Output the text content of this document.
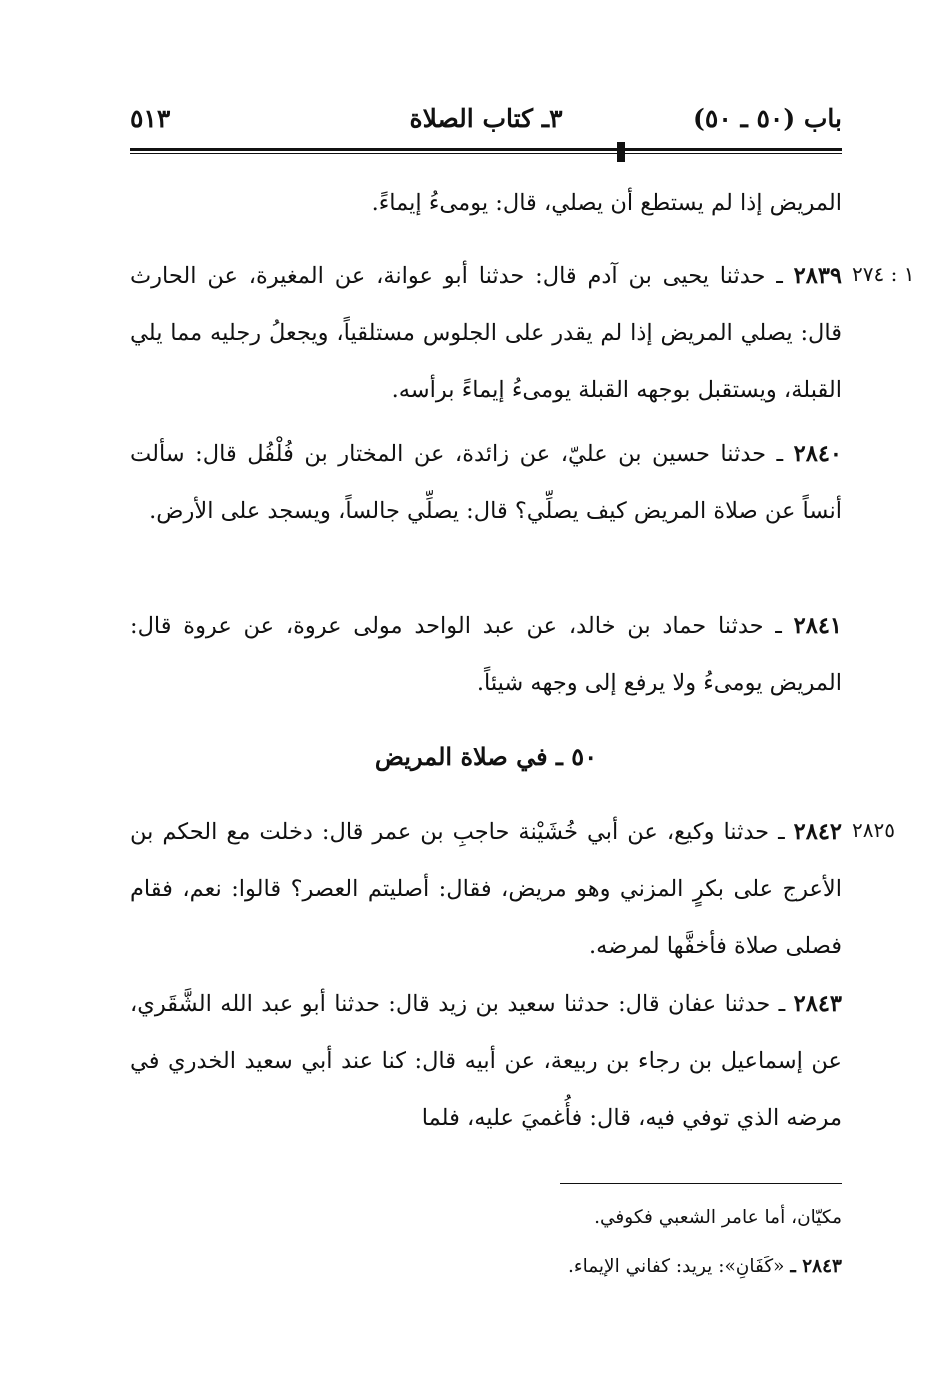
باب (٥٠ ـ ٥٠)
٣ـ كتاب الصلاة
٥١٣
المريض إذا لم يستطع أن يصلي، قال: يومىءُ إيماءً.
١ : ٢٧٤
٢٨٣٩ ـ حدثنا يحيى بن آدم قال: حدثنا أبو عوانة، عن المغيرة، عن الحارث قال: يصلي المريض إذا لم يقدر على الجلوس مستلقياً، ويجعلُ رجليه مما يلي القبلة، ويستقبل بوجهه القبلة يومىءُ إيماءً برأسه.
٢٨٤٠ ـ حدثنا حسين بن عليّ، عن زائدة، عن المختار بن فُلْفُل قال: سألت أنساً عن صلاة المريض كيف يصلِّي؟ قال: يصلِّي جالساً، ويسجد على الأرض.
٢٨٤١ ـ حدثنا حماد بن خالد، عن عبد الواحد مولى عروة، عن عروة قال: المريض يومىءُ ولا يرفع إلى وجهه شيئاً.
٥٠ ـ في صلاة المريض
٢٨٢٥
٢٨٤٢ ـ حدثنا وكيع، عن أبي خُشَيْنة حاجبِ بن عمر قال: دخلت مع الحكم بن الأعرج على بكرٍ المزني وهو مريض، فقال: أصليتم العصر؟ قالوا: نعم، فقام فصلى صلاة فأخفَّها لمرضه.
٢٨٤٣ ـ حدثنا عفان قال: حدثنا سعيد بن زيد قال: حدثنا أبو عبد الله الشَّقَري، عن إسماعيل بن رجاء بن ربيعة، عن أبيه قال: كنا عند أبي سعيد الخدري في مرضه الذي توفي فيه، قال: فأُغميَ عليه، فلما
مكيّان، أما عامر الشعبي فكوفي.
٢٨٤٣ ـ «كَفَانِ»: يريد: كفاني الإيماء.
